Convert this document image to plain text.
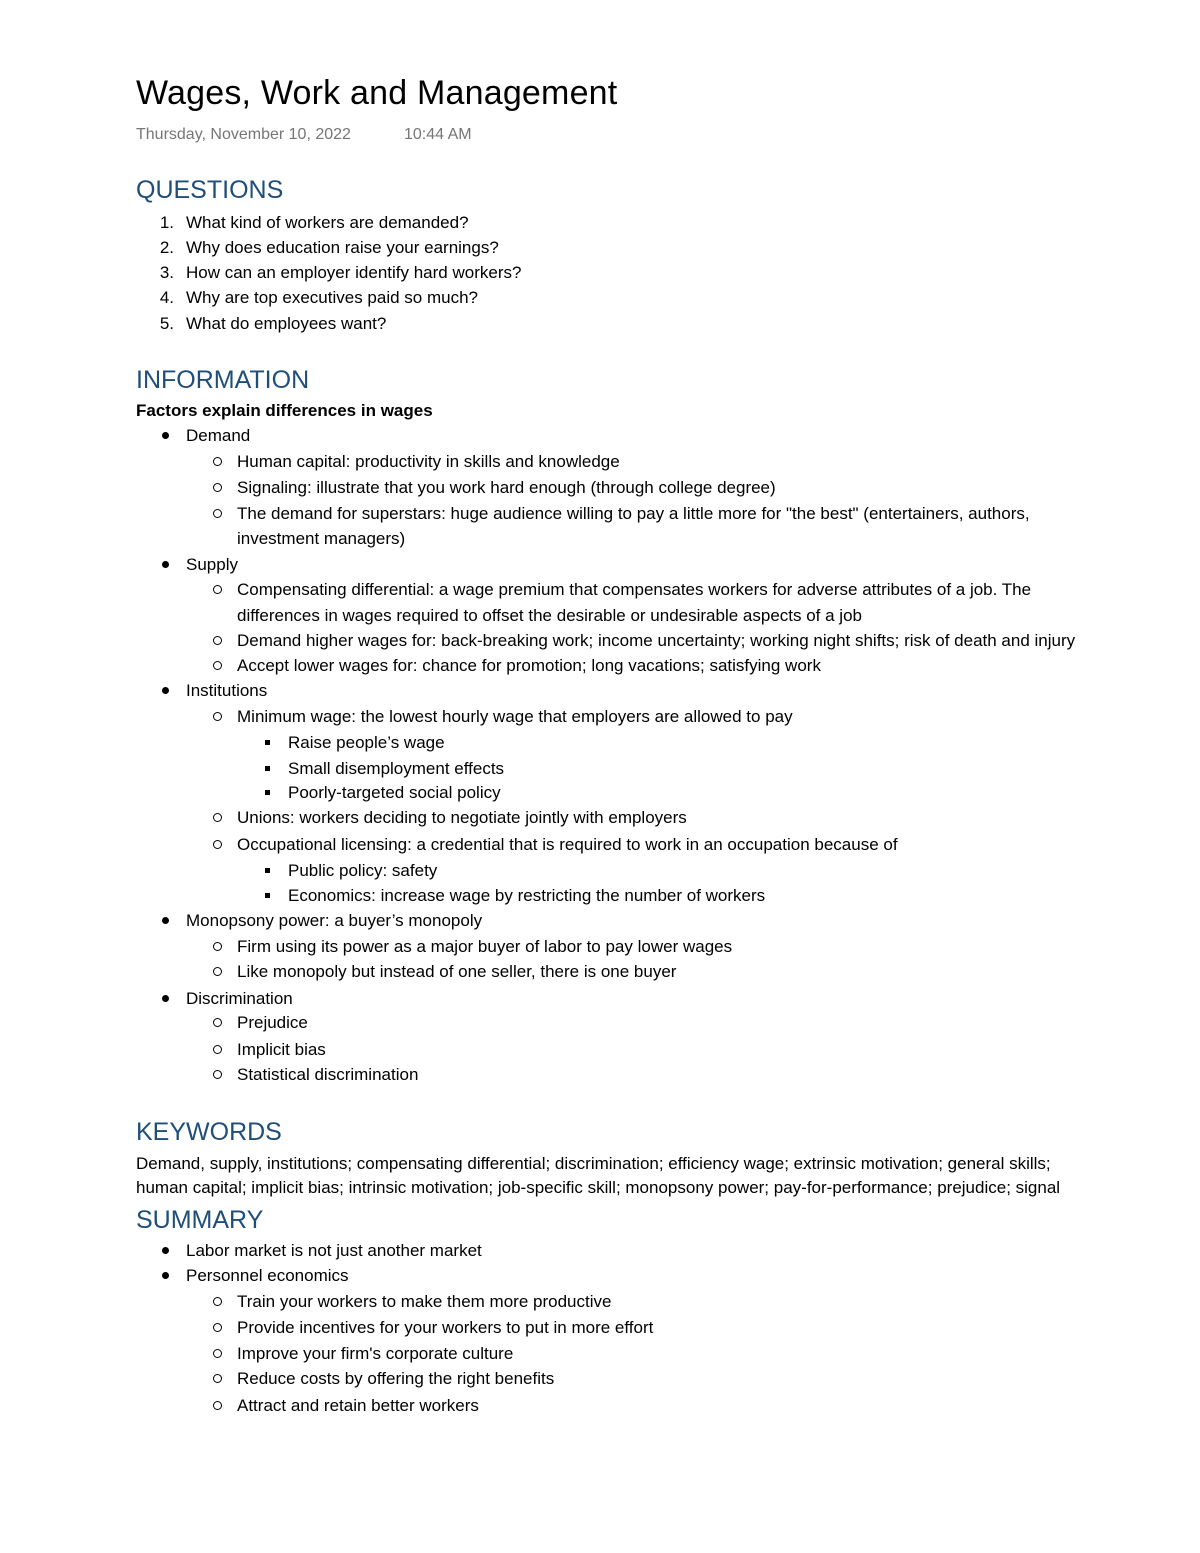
Wages, Work and Management
Thursday, November 10, 2022	10:44 AM
QUESTIONS
1. What kind of workers are demanded?
2. Why does education raise your earnings?
3. How can an employer identify hard workers?
4. Why are top executives paid so much?
5. What do employees want?
INFORMATION
Factors explain differences in wages
Demand
Human capital: productivity in skills and knowledge
Signaling: illustrate that you work hard enough (through college degree)
The demand for superstars: huge audience willing to pay a little more for "the best" (entertainers, authors,
investment managers)
Supply
Compensating differential: a wage premium that compensates workers for adverse attributes of a job. The
differences in wages required to offset the desirable or undesirable aspects of a job
Demand higher wages for: back-breaking work; income uncertainty; working night shifts; risk of death and injury
Accept lower wages for: chance for promotion; long vacations; satisfying work
Institutions
Minimum wage: the lowest hourly wage that employers are allowed to pay
Raise people’s wage
Small disemployment effects
Poorly-targeted social policy
Unions: workers deciding to negotiate jointly with employers
Occupational licensing: a credential that is required to work in an occupation because of
Public policy: safety
Economics: increase wage by restricting the number of workers
Monopsony power: a buyer’s monopoly
Firm using its power as a major buyer of labor to pay lower wages
Like monopoly but instead of one seller, there is one buyer
Discrimination
Prejudice
Implicit bias
Statistical discrimination
KEYWORDS
Demand, supply, institutions; compensating differential; discrimination; efficiency wage; extrinsic motivation; general skills;
human capital; implicit bias; intrinsic motivation; job-specific skill; monopsony power; pay-for-performance; prejudice; signal
SUMMARY
Labor market is not just another market
Personnel economics
Train your workers to make them more productive
Provide incentives for your workers to put in more effort
Improve your firm's corporate culture
Reduce costs by offering the right benefits
Attract and retain better workers
